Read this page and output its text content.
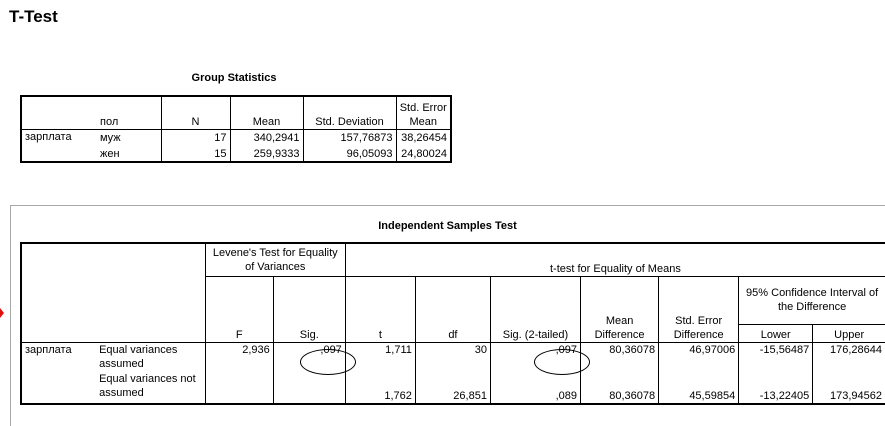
T-Test
Group Statistics
	пол	N	Mean	Std. Deviation	Std. Error Mean
зарплата	муж	17	340,2941	157,76873	38,26454
	жен	15	259,9333	96,05093	24,80024
Independent Samples Test
		Levene's Test for Equality of Variances		t-test for Equality of Means						
		F	Sig.	t	df	Sig. (2-tailed)	Mean Difference	Std. Error Difference	95% Confidence Interval of the Difference	
									Lower	Upper
зарплата	Equal variances assumed	2,936	,097	1,711	30	,097	80,36078	46,97006	-15,56487	176,28644
	Equal variances not assumed			1,762	26,851	,089	80,36078	45,59854	-13,22405	173,94562
